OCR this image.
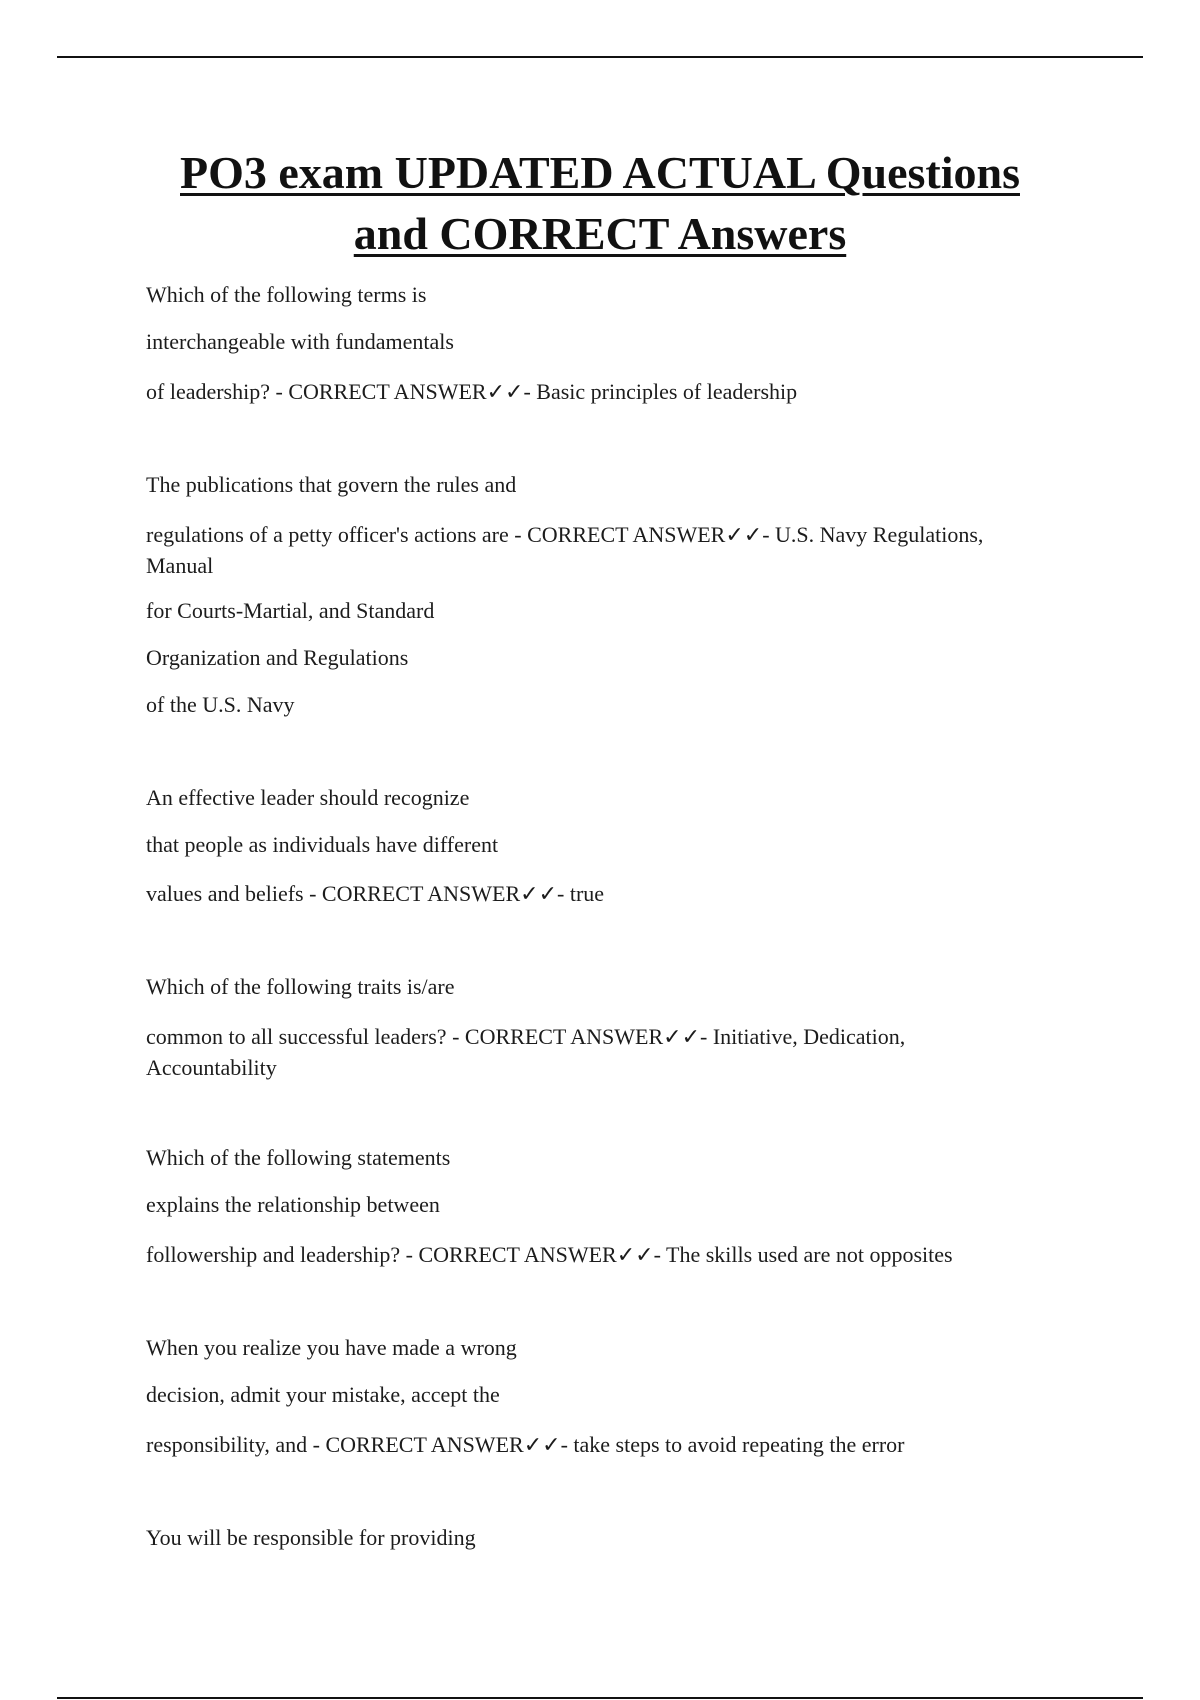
PO3 exam UPDATED ACTUAL Questions
and CORRECT Answers

Which of the following terms is

interchangeable with fundamentals

of leadership? - CORRECT ANSWER✓✓- Basic principles of leadership

The publications that govern the rules and

regulations of a petty officer's actions are - CORRECT ANSWER✓✓- U.S. Navy Regulations, Manual

for Courts-Martial, and Standard

Organization and Regulations

of the U.S. Navy

An effective leader should recognize

that people as individuals have different

values and beliefs - CORRECT ANSWER✓✓- true

Which of the following traits is/are

common to all successful leaders? - CORRECT ANSWER✓✓- Initiative, Dedication, Accountability

Which of the following statements

explains the relationship between

followership and leadership? - CORRECT ANSWER✓✓- The skills used are not opposites

When you realize you have made a wrong

decision, admit your mistake, accept the

responsibility, and - CORRECT ANSWER✓✓- take steps to avoid repeating the error

You will be responsible for providing
